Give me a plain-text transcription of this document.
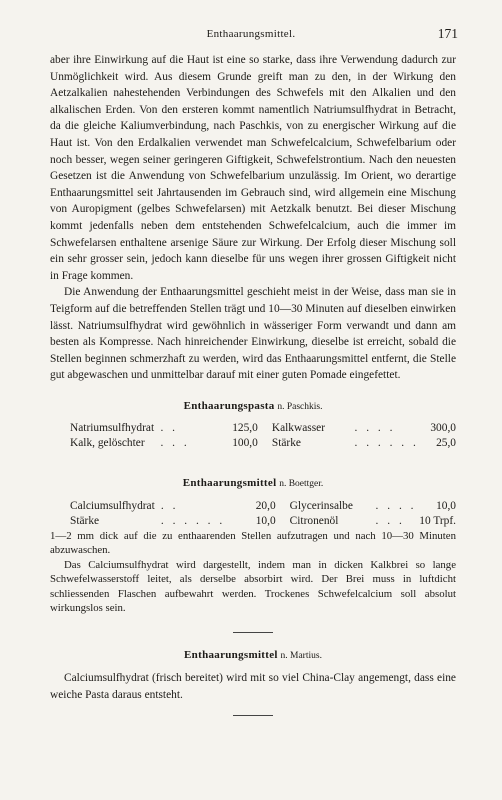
Enthaarungsmittel.	171

aber ihre Einwirkung auf die Haut ist eine so starke, dass ihre Verwendung dadurch zur Unmöglichkeit wird. Aus diesem Grunde greift man zu den, in der Wirkung den Aetzalkalien nahestehenden Verbindungen des Schwefels mit den Alkalien und den alkalischen Erden. Von den ersteren kommt namentlich Natriumsulfhydrat in Betracht, da die gleiche Kaliumverbindung, nach Paschkis, von zu energischer Wirkung auf die Haut ist. Von den Erdalkalien verwendet man Schwefelcalcium, Schwefelbarium oder noch besser, wegen seiner geringeren Giftigkeit, Schwefelstrontium. Nach den neuesten Gesetzen ist die Anwendung von Schwefelbarium unzulässig. Im Orient, wo derartige Enthaarungsmittel seit Jahrtausenden im Gebrauch sind, wird allgemein eine Mischung von Auropigment (gelbes Schwefelarsen) mit Aetzkalk benutzt. Bei dieser Mischung kommt jedenfalls neben dem entstehenden Schwefelcalcium, auch die immer im Schwefelarsen enthaltene arsenige Säure zur Wirkung. Der Erfolg dieser Mischung soll ein sehr grosser sein, jedoch kann dieselbe für uns wegen ihrer grossen Giftigkeit nicht in Frage kommen.

Die Anwendung der Enthaarungsmittel geschieht meist in der Weise, dass man sie in Teigform auf die betreffenden Stellen trägt und 10—30 Minuten auf dieselben einwirken lässt. Natriumsulfhydrat wird gewöhnlich in wässeriger Form verwandt und dann am besten als Kompresse. Nach hinreichender Einwirkung, dieselbe ist erreicht, sobald die Stellen beginnen schmerzhaft zu werden, wird das Enthaarungsmittel entfernt, die Stelle gut abgewaschen und unmittelbar darauf mit einer guten Pomade eingefettet.

Enthaarungspasta n. Paschkis.
Natriumsulfhydrat	. .	125,0	Kalkwasser	. . . .	300,0
Kalk, gelöschter	. . .	100,0	Stärke	. . . . . .	25,0
Enthaarungsmittel n. Boettger.
Calciumsulfhydrat	. .	20,0	Glycerinsalbe	. . . .	10,0
Stärke	. . . . . .	10,0	Citronenöl	. . .	10 Trpf.

1—2 mm dick auf die zu enthaarenden Stellen aufzutragen und nach 10—30 Minuten abzuwaschen.

Das Calciumsulfhydrat wird dargestellt, indem man in dicken Kalkbrei so lange Schwefelwasserstoff leitet, als derselbe absorbirt wird. Der Brei muss in luftdicht schliessenden Flaschen aufbewahrt werden. Trockenes Schwefelcalcium soll absolut wirkungslos sein.

Enthaarungsmittel n. Martius.

Calciumsulfhydrat (frisch bereitet) wird mit so viel China-Clay angemengt, dass eine weiche Pasta daraus entsteht.
